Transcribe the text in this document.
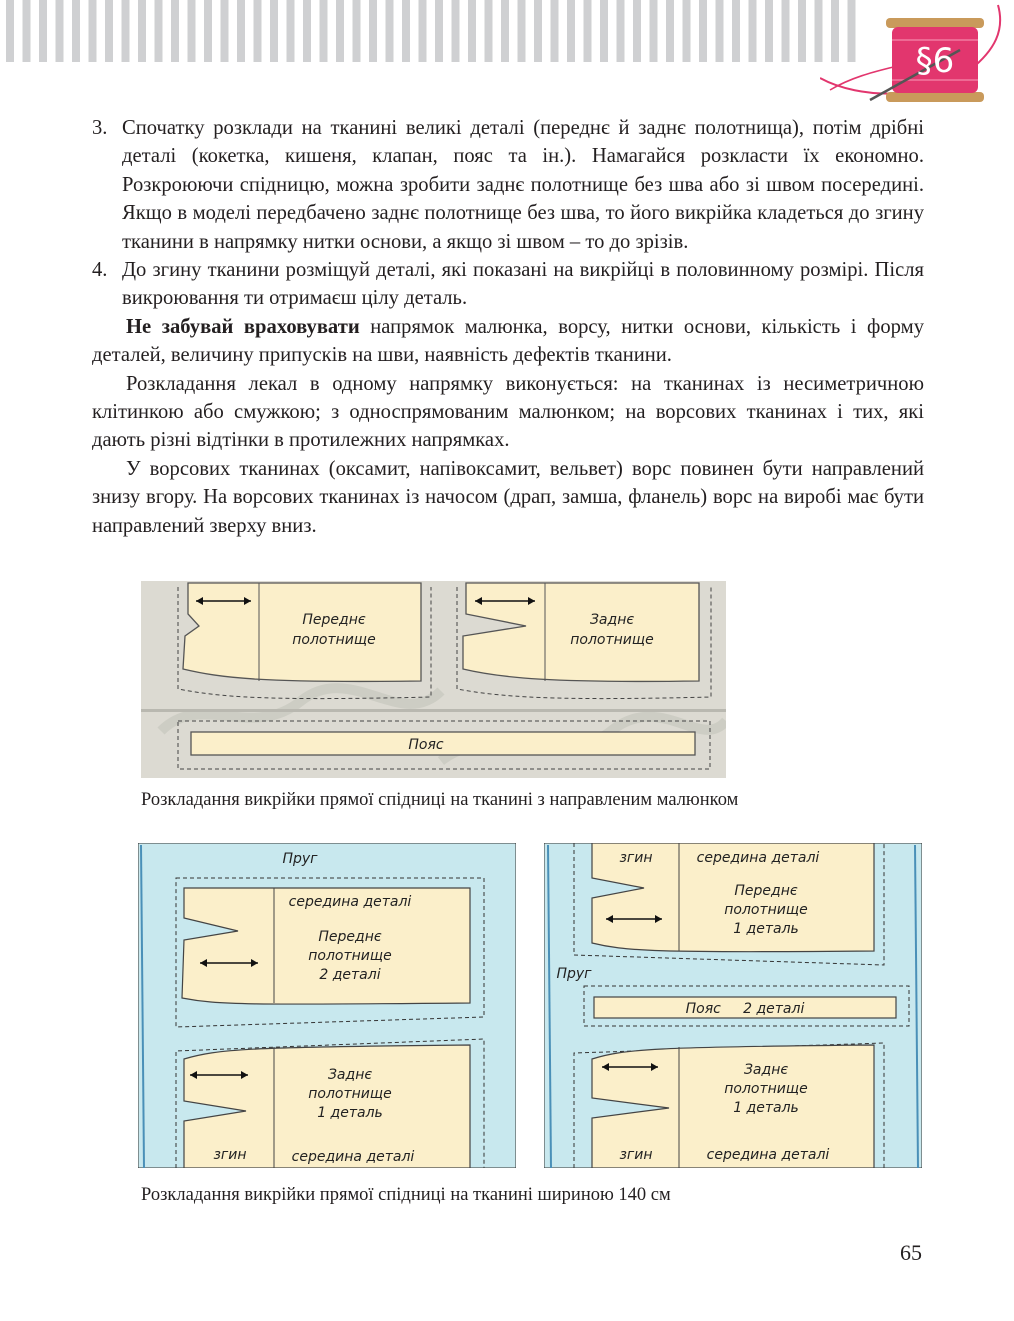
§6
3. Спочатку розклади на тканині великі деталі (переднє й заднє полотнища), потім дрібні деталі (кокетка, кишеня, клапан, пояс та ін.). Намагайся розкласти їх економно. Розкроюючи спідницю, можна зробити заднє полотнище без шва або зі швом посередині. Якщо в моделі передбачено заднє полотнище без шва, то його викрійка кладеться до згину тканини в напрямку нитки основи, а якщо зі швом – то до зрізів.
4. До згину тканини розміщуй деталі, які показані на викрійці в половинному розмірі. Після викроювання ти отримаєш цілу деталь.

Не забувай враховувати напрямок малюнка, ворсу, нитки основи, кількість і форму деталей, величину припусків на шви, наявність дефектів тканини.

Розкладання лекал в одному напрямку виконується: на тканинах із несиметричною клітинкою або смужкою; з односпрямованим малюнком; на ворсових тканинах і тих, які дають різні відтінки в протилежних напрямках.

У ворсових тканинах (оксамит, напівоксамит, вельвет) ворс повинен бути направлений знизу вгору. На ворсових тканинах із начосом (драп, замша, фланель) ворс на виробі має бути направлений зверху вниз.

Переднє
полотнище
Заднє
полотнище
Пояс
Розкладання викрійки прямої спідниці на тканині з направленим малюнком
Пруг
середина деталі
Переднє
полотнище
2 деталі
Заднє
полотнище
1 деталь
згин	середина деталі
згин	середина деталі
Переднє
полотнище
1 деталь
Пруг
Пояс     2 деталі
Заднє
полотнище
1 деталь
згин	середина деталі
Розкладання викрійки прямої спідниці на тканині шириною 140 см
65
